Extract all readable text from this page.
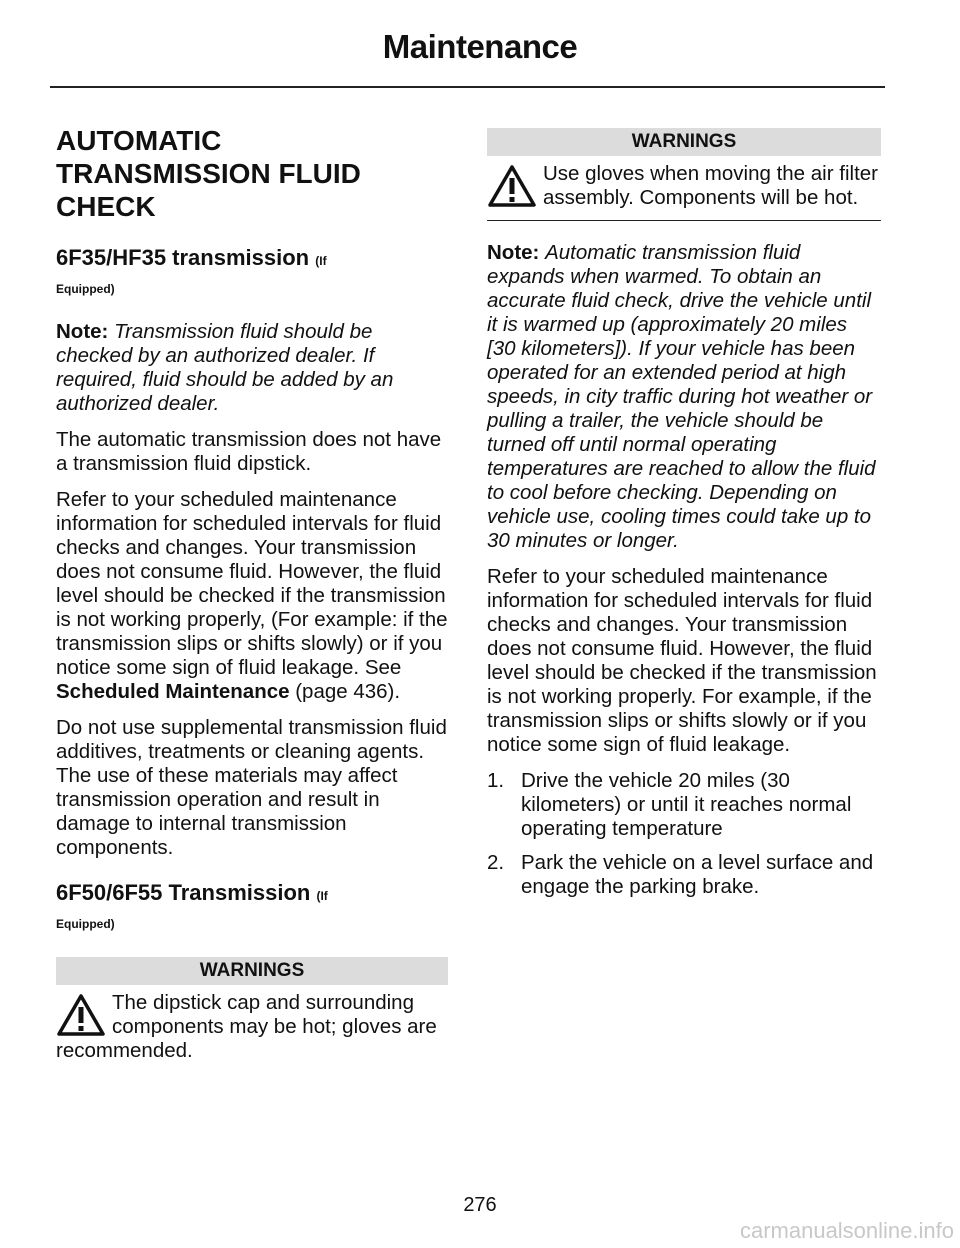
Maintenance
AUTOMATIC
TRANSMISSION FLUID
CHECK
6F35/HF35 transmission (If
Equipped)

Note: Transmission fluid should be checked by an authorized dealer. If required, fluid should be added by an authorized dealer.

The automatic transmission does not have a transmission fluid dipstick.

Refer to your scheduled maintenance information for scheduled intervals for fluid checks and changes. Your transmission does not consume fluid. However, the fluid level should be checked if the transmission is not working properly, (For example: if the transmission slips or shifts slowly) or if you notice some sign of fluid leakage. See Scheduled Maintenance (page 436).

Do not use supplemental transmission fluid additives, treatments or cleaning agents. The use of these materials may affect transmission operation and result in damage to internal transmission components.

6F50/6F55 Transmission (If
Equipped)
WARNINGS
The dipstick cap and surrounding components may be hot; gloves are recommended.
WARNINGS
Use gloves when moving the air filter assembly. Components will be hot.

Note: Automatic transmission fluid expands when warmed. To obtain an accurate fluid check, drive the vehicle until it is warmed up (approximately 20 miles [30 kilometers]). If your vehicle has been operated for an extended period at high speeds, in city traffic during hot weather or pulling a trailer, the vehicle should be turned off until normal operating temperatures are reached to allow the fluid to cool before checking. Depending on vehicle use, cooling times could take up to 30 minutes or longer.

Refer to your scheduled maintenance information for scheduled intervals for fluid checks and changes. Your transmission does not consume fluid. However, the fluid level should be checked if the transmission is not working properly. For example, if the transmission slips or shifts slowly or if you notice some sign of fluid leakage.

1. Drive the vehicle 20 miles (30 kilometers) or until it reaches normal operating temperature
2. Park the vehicle on a level surface and engage the parking brake.
276
carmanualsonline.info
